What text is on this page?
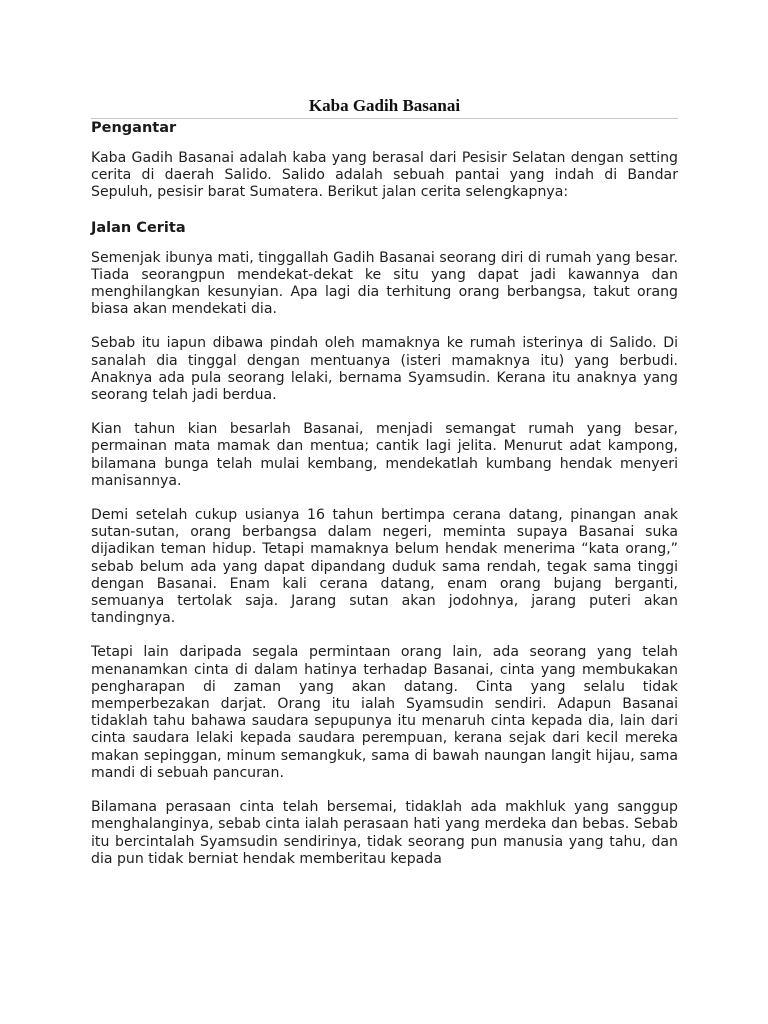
Kaba Gadih Basanai
Pengantar

Kaba Gadih Basanai adalah kaba yang berasal dari Pesisir Selatan dengan setting cerita di daerah Salido. Salido adalah sebuah pantai yang indah di Bandar Sepuluh, pesisir barat Sumatera. Berikut jalan cerita selengkapnya:

Jalan Cerita

Semenjak ibunya mati, tinggallah Gadih Basanai seorang diri di rumah yang besar. Tiada seorangpun mendekat-dekat ke situ yang dapat jadi kawannya dan menghilangkan kesunyian. Apa lagi dia terhitung orang berbangsa, takut orang biasa akan mendekati dia.

Sebab itu iapun dibawa pindah oleh mamaknya ke rumah isterinya di Salido. Di sanalah dia tinggal dengan mentuanya (isteri mamaknya itu) yang berbudi. Anaknya ada pula seorang lelaki, bernama Syamsudin. Kerana itu anaknya yang seorang telah jadi berdua.

Kian tahun kian besarlah Basanai, menjadi semangat rumah yang besar, permainan mata mamak dan mentua; cantik lagi jelita. Menurut adat kampong, bilamana bunga telah mulai kembang, mendekatlah kumbang hendak menyeri manisannya.

Demi setelah cukup usianya 16 tahun bertimpa cerana datang, pinangan anak sutan-sutan, orang berbangsa dalam negeri, meminta supaya Basanai suka dijadikan teman hidup. Tetapi mamaknya belum hendak menerima “kata orang,” sebab belum ada yang dapat dipandang duduk sama rendah, tegak sama tinggi dengan Basanai. Enam kali cerana datang, enam orang bujang berganti, semuanya tertolak saja. Jarang sutan akan jodohnya, jarang puteri akan tandingnya.

Tetapi lain daripada segala permintaan orang lain, ada seorang yang telah menanamkan cinta di dalam hatinya terhadap Basanai, cinta yang membukakan pengharapan di zaman yang akan datang. Cinta yang selalu tidak memperbezakan darjat. Orang itu ialah Syamsudin sendiri. Adapun Basanai tidaklah tahu bahawa saudara sepupunya itu menaruh cinta kepada dia, lain dari cinta saudara lelaki kepada saudara perempuan, kerana sejak dari kecil mereka makan sepinggan, minum semangkuk, sama di bawah naungan langit hijau, sama mandi di sebuah pancuran.

Bilamana perasaan cinta telah bersemai, tidaklah ada makhluk yang sanggup menghalanginya, sebab cinta ialah perasaan hati yang merdeka dan bebas. Sebab itu bercintalah Syamsudin sendirinya, tidak seorang pun manusia yang tahu, dan dia pun tidak berniat hendak memberitau kepada
